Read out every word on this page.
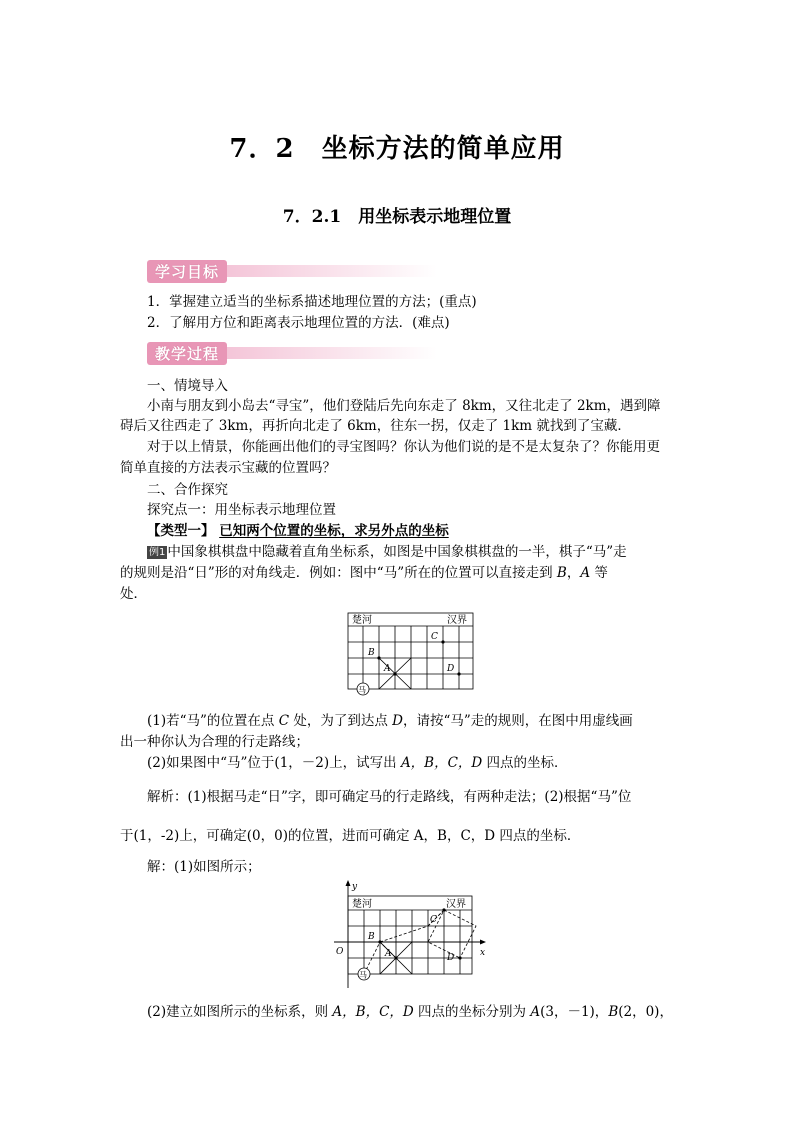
7．2　坐标方法的简单应用
7．2.1　用坐标表示地理位置
学习目标
1．掌握建立适当的坐标系描述地理位置的方法；(重点)
2．了解用方位和距离表示地理位置的方法．(难点)
教学过程
一、情境导入
小南与朋友到小岛去“寻宝”，他们登陆后先向东走了 8km，又往北走了 2km，遇到障
碍后又往西走了 3km，再折向北走了 6km，往东一拐，仅走了 1km 就找到了宝藏．
对于以上情景，你能画出他们的寻宝图吗？你认为他们说的是不是太复杂了？你能用更
简单直接的方法表示宝藏的位置吗？
二、合作探究
探究点一：用坐标表示地理位置
【类型一】 已知两个位置的坐标，求另外点的坐标
例1 中国象棋棋盘中隐藏着直角坐标系，如图是中国象棋棋盘的一半，棋子“马”走
的规则是沿“日”形的对角线走．例如：图中“马”所在的位置可以直接走到 B，A 等
处．
楚河	汉界
C
B
A	D
马
(1)若“马”的位置在点 C 处，为了到达点 D，请按“马”走的规则，在图中用虚线画
出一种你认为合理的行走路线；
(2)如果图中“马”位于(1，－2)上，试写出 A，B，C，D 四点的坐标．
解析：(1)根据马走“日”字，即可确定马的行走路线，有两种走法；(2)根据“马”位
于(1，-2)上，可确定(0，0)的位置，进而可确定 A，B，C，D 四点的坐标．
解：(1)如图所示；
y
x
O
楚河	汉界
C
B
A	D
马
(2)建立如图所示的坐标系，则 A，B，C，D 四点的坐标分别为 A(3，－1)，B(2，0)，
